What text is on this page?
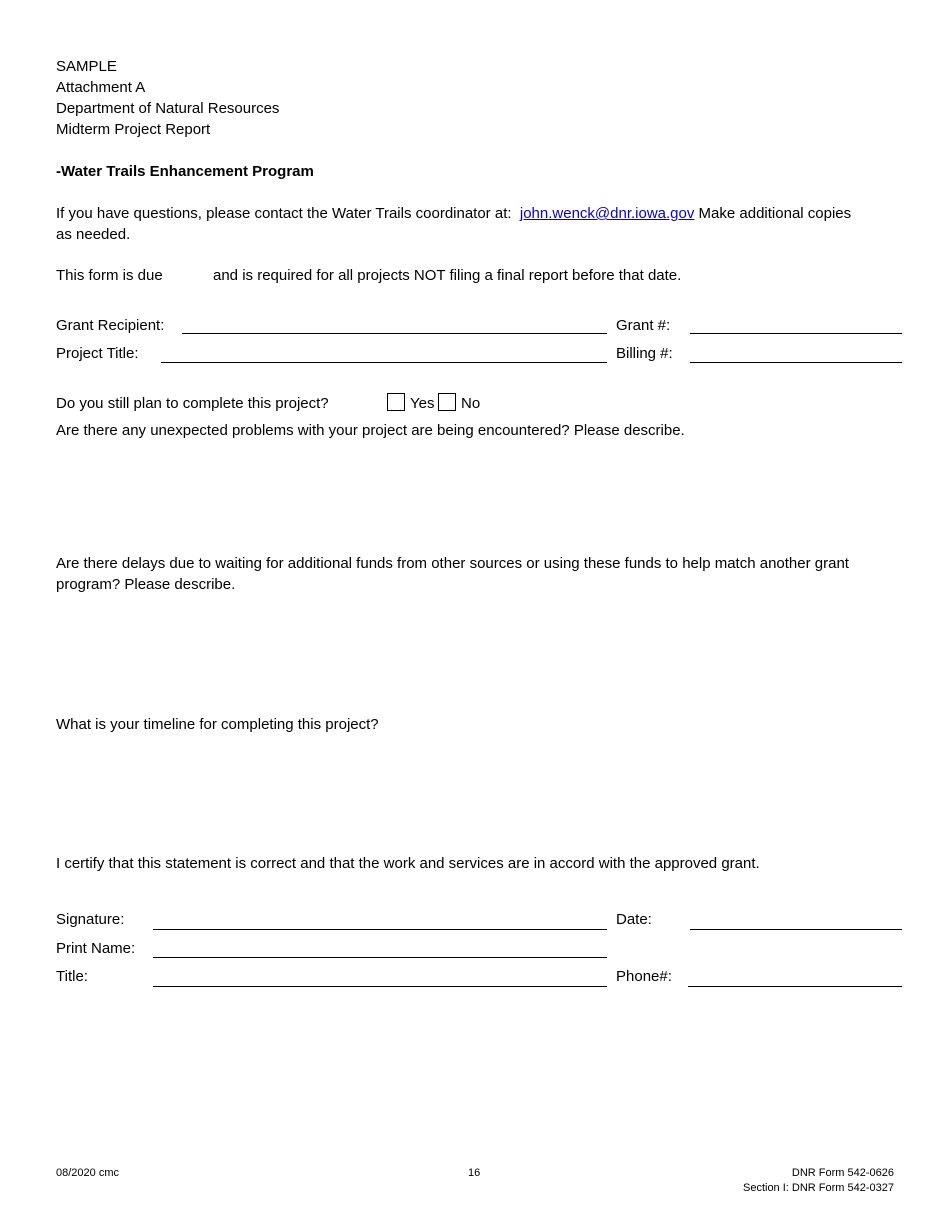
SAMPLE
Attachment A
Department of Natural Resources
Midterm Project Report
-Water Trails Enhancement Program
If you have questions, please contact the Water Trails coordinator at: john.wenck@dnr.iowa.gov Make additional copies
as needed.
This form is due	and is required for all projects NOT filing a final report before that date.
Grant Recipient:	Grant #:
Project Title:	Billing #:
Do you still plan to complete this project?	Yes No
Are there any unexpected problems with your project are being encountered? Please describe.
Are there delays due to waiting for additional funds from other sources or using these funds to help match another grant
program? Please describe.
What is your timeline for completing this project?
I certify that this statement is correct and that the work and services are in accord with the approved grant.
Signature:	Date:
Print Name:
Title:	Phone#:
08/2020 cmc	16	DNR Form 542-0626
Section I: DNR Form 542-0327
